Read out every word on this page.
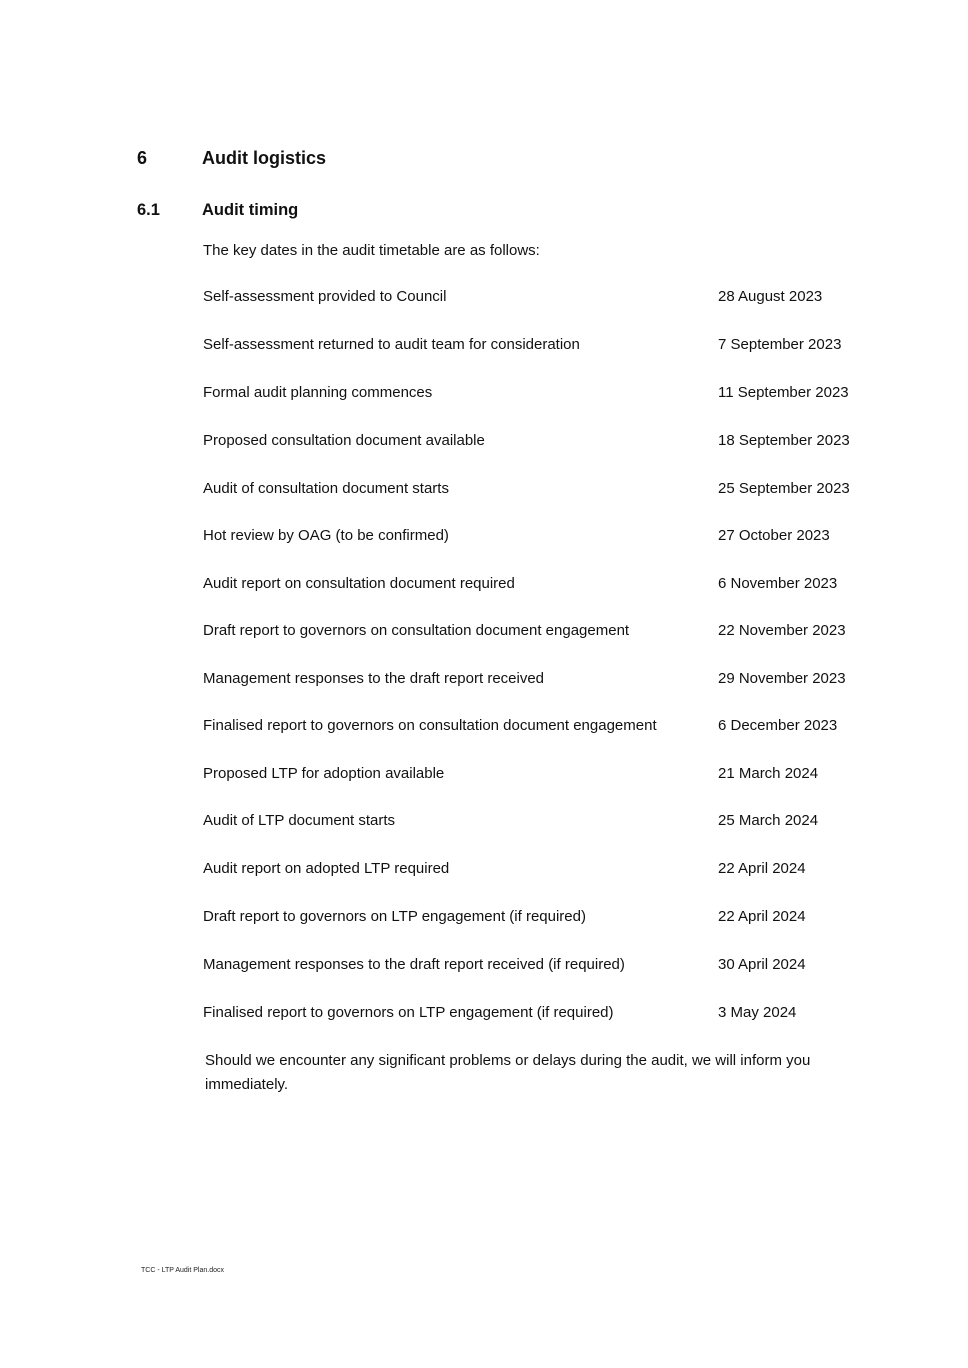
6	Audit logistics
6.1	Audit timing
The key dates in the audit timetable are as follows:
Self-assessment provided to Council	28 August 2023
Self-assessment returned to audit team for consideration	7 September 2023
Formal audit planning commences	11 September 2023
Proposed consultation document available	18 September 2023
Audit of consultation document starts	25 September 2023
Hot review by OAG (to be confirmed)	27 October 2023
Audit report on consultation document required	6 November 2023
Draft report to governors on consultation document engagement	22 November 2023
Management responses to the draft report received	29 November 2023
Finalised report to governors on consultation document engagement	6 December 2023
Proposed LTP for adoption available	21 March 2024
Audit of LTP document starts	25 March 2024
Audit report on adopted LTP required	22 April 2024
Draft report to governors on LTP engagement (if required)	22 April 2024
Management responses to the draft report received (if required)	30 April 2024
Finalised report to governors on LTP engagement (if required)	3 May 2024
Should we encounter any significant problems or delays during the audit, we will inform you immediately.
TCC - LTP Audit Plan.docx
